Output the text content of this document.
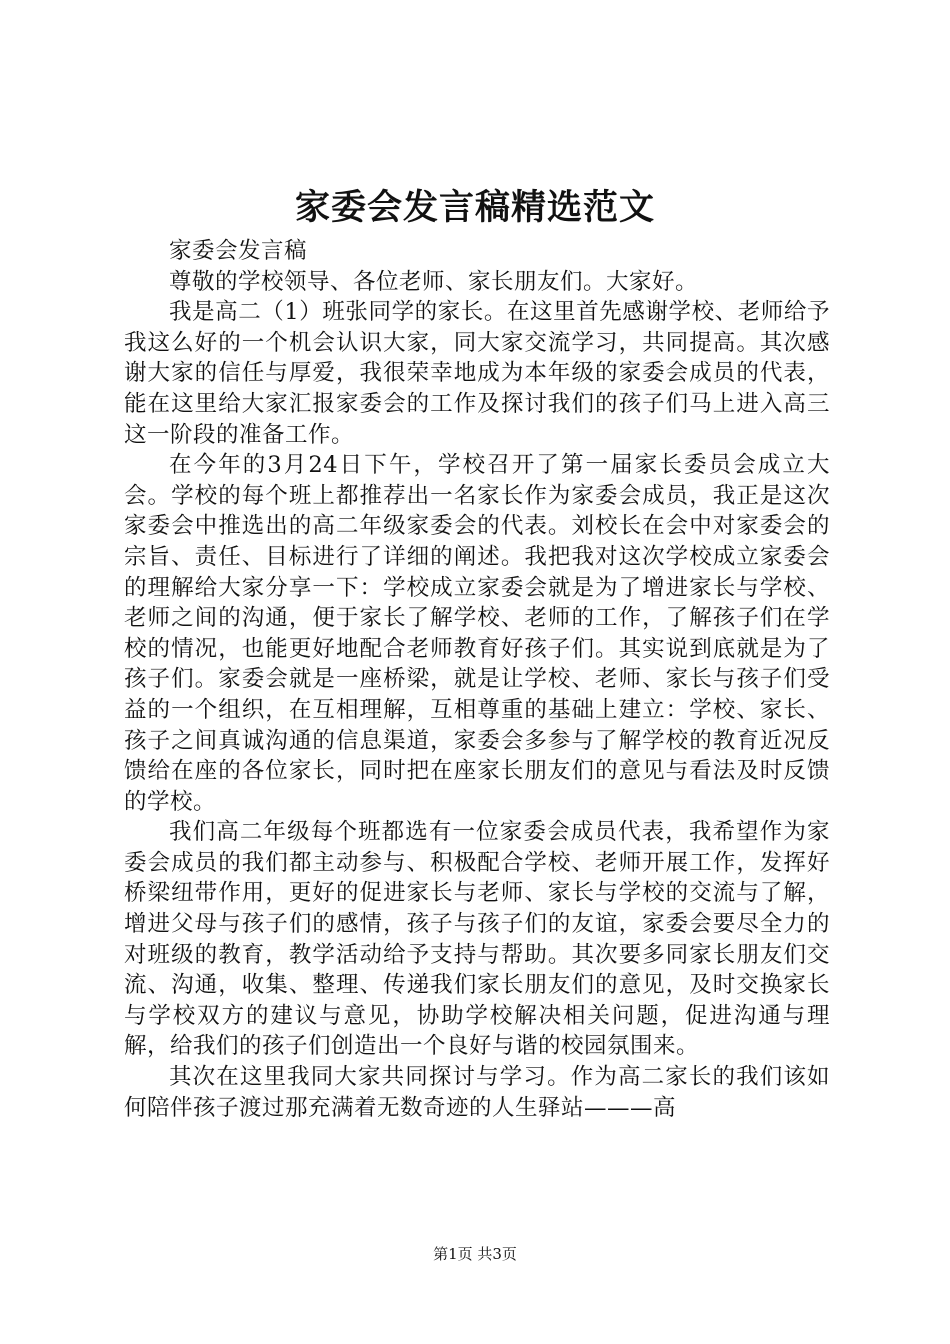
家委会发言稿精选范文

家委会发言稿

尊敬的学校领导、各位老师、家长朋友们。大家好。

我是高二（1）班张同学的家长。在这里首先感谢学校、老师给予我这么好的一个机会认识大家，同大家交流学习，共同提高。其次感谢大家的信任与厚爱，我很荣幸地成为本年级的家委会成员的代表，能在这里给大家汇报家委会的工作及探讨我们的孩子们马上进入高三这一阶段的准备工作。

在今年的3月24日下午，学校召开了第一届家长委员会成立大会。学校的每个班上都推荐出一名家长作为家委会成员，我正是这次家委会中推选出的高二年级家委会的代表。刘校长在会中对家委会的宗旨、责任、目标进行了详细的阐述。我把我对这次学校成立家委会的理解给大家分享一下：学校成立家委会就是为了增进家长与学校、老师之间的沟通，便于家长了解学校、老师的工作，了解孩子们在学校的情况，也能更好地配合老师教育好孩子们。其实说到底就是为了孩子们。家委会就是一座桥梁，就是让学校、老师、家长与孩子们受益的一个组织，在互相理解，互相尊重的基础上建立：学校、家长、孩子之间真诚沟通的信息渠道，家委会多参与了解学校的教育近况反馈给在座的各位家长，同时把在座家长朋友们的意见与看法及时反馈的学校。

我们高二年级每个班都选有一位家委会成员代表，我希望作为家委会成员的我们都主动参与、积极配合学校、老师开展工作，发挥好桥梁纽带作用，更好的促进家长与老师、家长与学校的交流与了解，增进父母与孩子们的感情，孩子与孩子们的友谊，家委会要尽全力的对班级的教育，教学活动给予支持与帮助。其次要多同家长朋友们交流、沟通，收集、整理、传递我们家长朋友们的意见，及时交换家长与学校双方的建议与意见，协助学校解决相关问题，促进沟通与理解，给我们的孩子们创造出一个良好与谐的校园氛围来。

其次在这里我同大家共同探讨与学习。作为高二家长的我们该如何陪伴孩子渡过那充满着无数奇迹的人生驿站———高

第1页 共3页
